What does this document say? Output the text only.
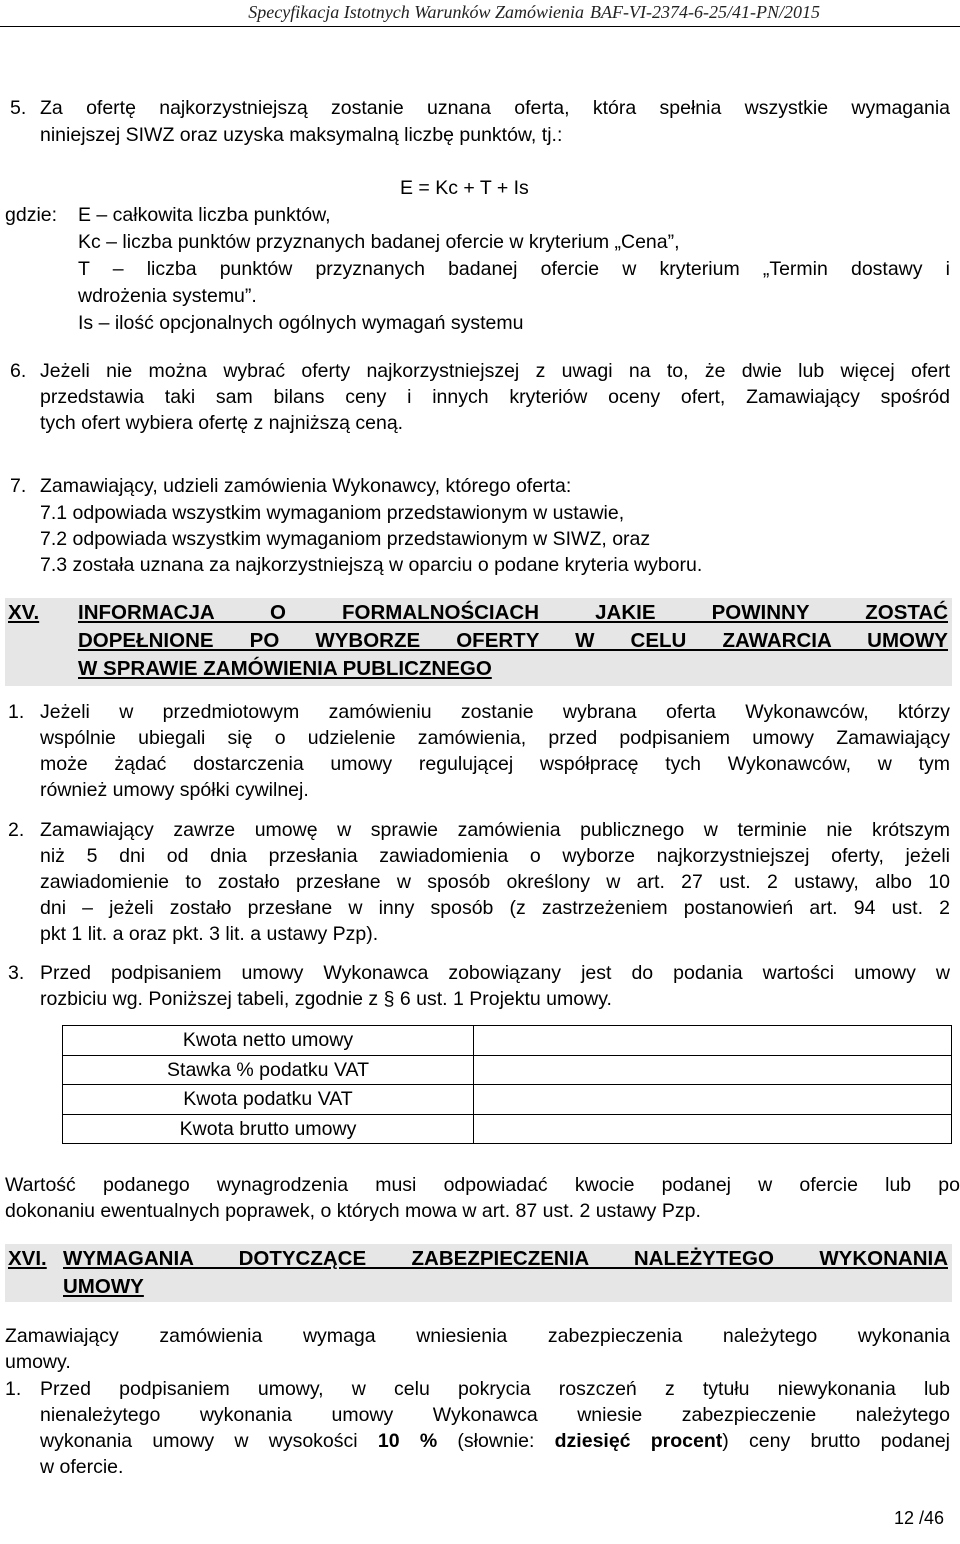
Specyfikacja Istotnych Warunków Zamówienia BAF-VI-2374-6-25/41-PN/2015
5. Za ofertę najkorzystniejszą zostanie uznana oferta, która spełnia wszystkie wymagania
niniejszej SIWZ oraz uzyska maksymalną liczbę punktów, tj.:
E = Kc + T + Is
gdzie: E – całkowita liczba punktów,
Kc – liczba punktów przyznanych badanej ofercie w kryterium „Cena”,
T – liczba punktów przyznanych badanej ofercie w kryterium „Termin dostawy i
wdrożenia systemu”.
Is – ilość opcjonalnych ogólnych wymagań systemu
6. Jeżeli nie można wybrać oferty najkorzystniejszej z uwagi na to, że dwie lub więcej ofert
przedstawia taki sam bilans ceny i innych kryteriów oceny ofert, Zamawiający spośród
tych ofert wybiera ofertę z najniższą ceną.
7. Zamawiający, udzieli zamówienia Wykonawcy, którego oferta:
7.1 odpowiada wszystkim wymaganiom przedstawionym w ustawie,
7.2 odpowiada wszystkim wymaganiom przedstawionym w SIWZ, oraz
7.3 została uznana za najkorzystniejszą w oparciu o podane kryteria wyboru.
XV. INFORMACJA O FORMALNOŚCIACH JAKIE POWINNY ZOSTAĆ
DOPEŁNIONE PO WYBORZE OFERTY W CELU ZAWARCIA UMOWY
W SPRAWIE ZAMÓWIENIA PUBLICZNEGO
1. Jeżeli w przedmiotowym zamówieniu zostanie wybrana oferta Wykonawców, którzy
wspólnie ubiegali się o udzielenie zamówienia, przed podpisaniem umowy Zamawiający
może żądać dostarczenia umowy regulującej współpracę tych Wykonawców, w tym
również umowy spółki cywilnej.
2. Zamawiający zawrze umowę w sprawie zamówienia publicznego w terminie nie krótszym
niż 5 dni od dnia przesłania zawiadomienia o wyborze najkorzystniejszej oferty, jeżeli
zawiadomienie to zostało przesłane w sposób określony w art. 27 ust. 2 ustawy, albo 10
dni – jeżeli zostało przesłane w inny sposób (z zastrzeżeniem postanowień art. 94 ust. 2
pkt 1 lit. a oraz pkt. 3 lit. a ustawy Pzp).
3. Przed podpisaniem umowy Wykonawca zobowiązany jest do podania wartości umowy w
rozbiciu wg. Poniższej tabeli, zgodnie z § 6 ust. 1 Projektu umowy.
Kwota netto umowy	
Stawka % podatku VAT	
Kwota podatku VAT	
Kwota brutto umowy	
Wartość podanego wynagrodzenia musi odpowiadać kwocie podanej w ofercie lub po
dokonaniu ewentualnych poprawek, o których mowa w art. 87 ust. 2 ustawy Pzp.
XVI. WYMAGANIA DOTYCZĄCE ZABEZPIECZENIA NALEŻYTEGO WYKONANIA
UMOWY
Zamawiający zamówienia wymaga wniesienia zabezpieczenia należytego wykonania
umowy.
1. Przed podpisaniem umowy, w celu pokrycia roszczeń z tytułu niewykonania lub
nienależytego wykonania umowy Wykonawca wniesie zabezpieczenie należytego
wykonania umowy w wysokości 10 % (słownie: dziesięć procent) ceny brutto podanej
w ofercie.
12 /46
